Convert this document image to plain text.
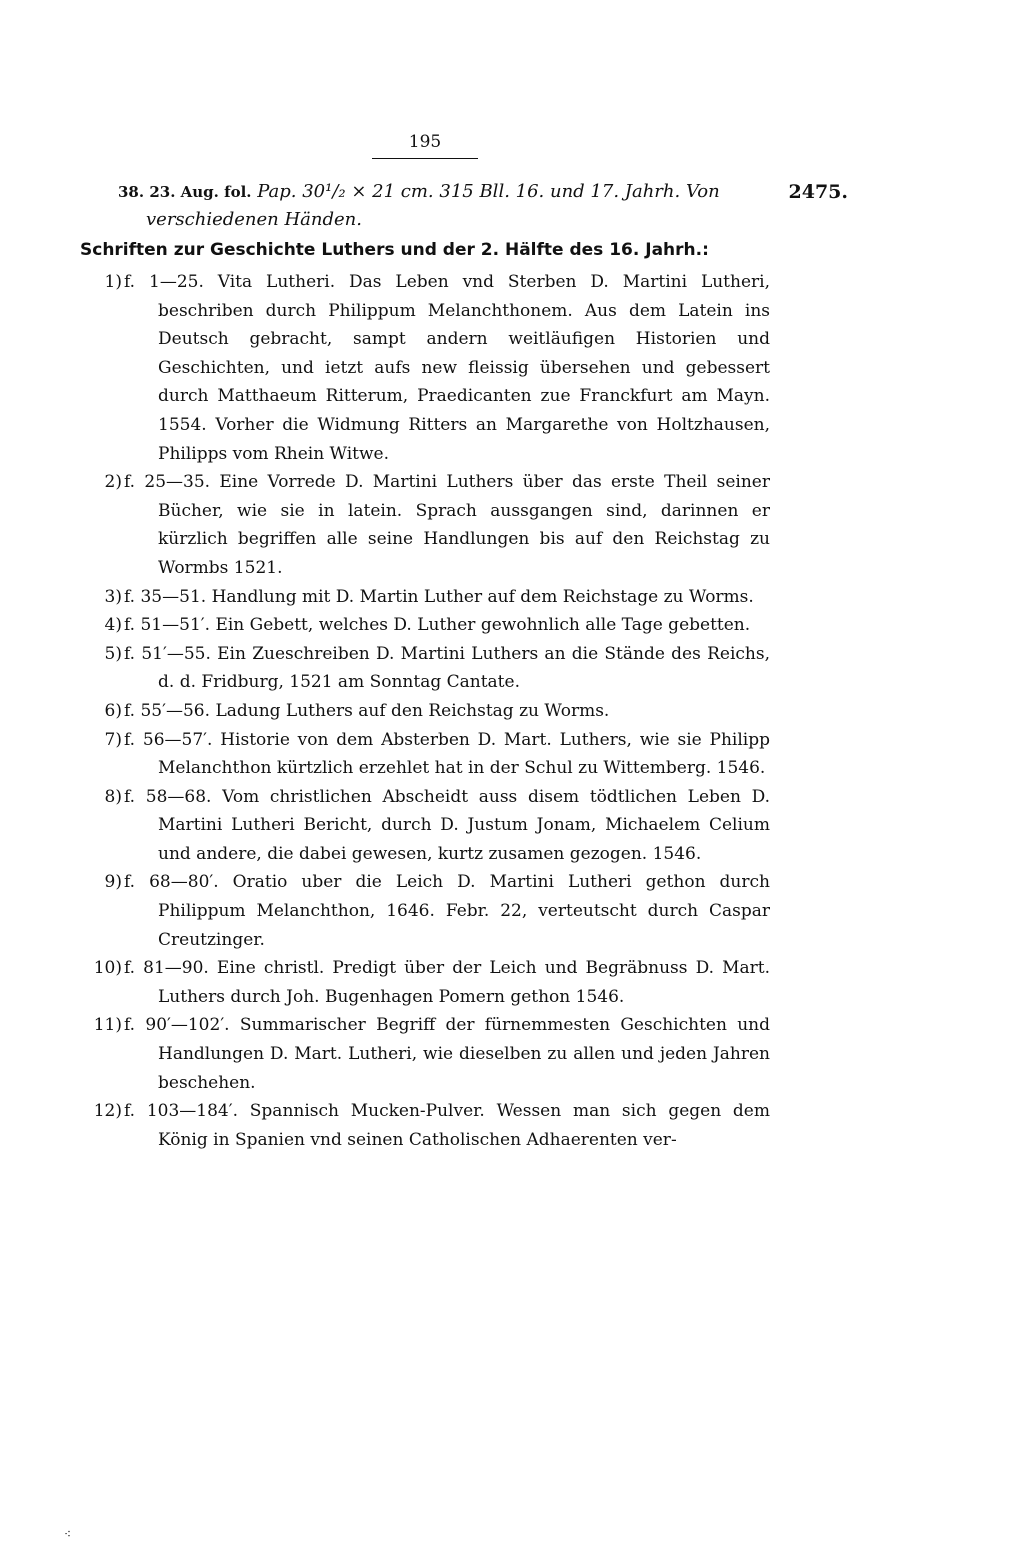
195
38. 23. Aug. fol. Pap. 30¹/₂ × 21 cm. 315 Bll. 16. und 17. Jahrh. Von	2475.
verschiedenen Händen.
Schriften zur Geschichte Luthers und der 2. Hälfte des 16. Jahrh.:
1) f. 1—25. Vita Lutheri. Das Leben vnd Sterben D. Martini Lutheri, beschriben durch Philippum Melanchthonem. Aus dem Latein ins Deutsch gebracht, sampt andern weitläufigen Historien und Geschichten, und ietzt aufs new fleissig übersehen und gebessert durch Matthaeum Ritterum, Praedicanten zue Franckfurt am Mayn. 1554. Vorher die Widmung Ritters an Margarethe von Holtzhausen, Philipps vom Rhein Witwe.
2) f. 25—35. Eine Vorrede D. Martini Luthers über das erste Theil seiner Bücher, wie sie in latein. Sprach aussgangen sind, darinnen er kürzlich begriffen alle seine Handlungen bis auf den Reichstag zu Wormbs 1521.
3) f. 35—51. Handlung mit D. Martin Luther auf dem Reichstage zu Worms.
4) f. 51—51′. Ein Gebett, welches D. Luther gewohnlich alle Tage gebetten.
5) f. 51′—55. Ein Zueschreiben D. Martini Luthers an die Stände des Reichs, d. d. Fridburg, 1521 am Sonntag Cantate.
6) f. 55′—56. Ladung Luthers auf den Reichstag zu Worms.
7) f. 56—57′. Historie von dem Absterben D. Mart. Luthers, wie sie Philipp Melanchthon kürtzlich erzehlet hat in der Schul zu Wittemberg. 1546.
8) f. 58—68. Vom christlichen Abscheidt auss disem tödtlichen Leben D. Martini Lutheri Bericht, durch D. Justum Jonam, Michaelem Celium und andere, die dabei gewesen, kurtz zusamen gezogen. 1546.
9) f. 68—80′. Oratio uber die Leich D. Martini Lutheri gethon durch Philippum Melanchthon, 1646. Febr. 22, verteutscht durch Caspar Creutzinger.
10) f. 81—90. Eine christl. Predigt über der Leich und Begräbnuss D. Mart. Luthers durch Joh. Bugenhagen Pomern gethon 1546.
11) f. 90′—102′. Summarischer Begriff der fürnemmesten Geschichten und Handlungen D. Mart. Lutheri, wie dieselben zu allen und jeden Jahren beschehen.
12) f. 103—184′. Spannisch Mucken-Pulver. Wessen man sich gegen dem König in Spanien vnd seinen Catholischen Adhaerenten ver-
⁖
